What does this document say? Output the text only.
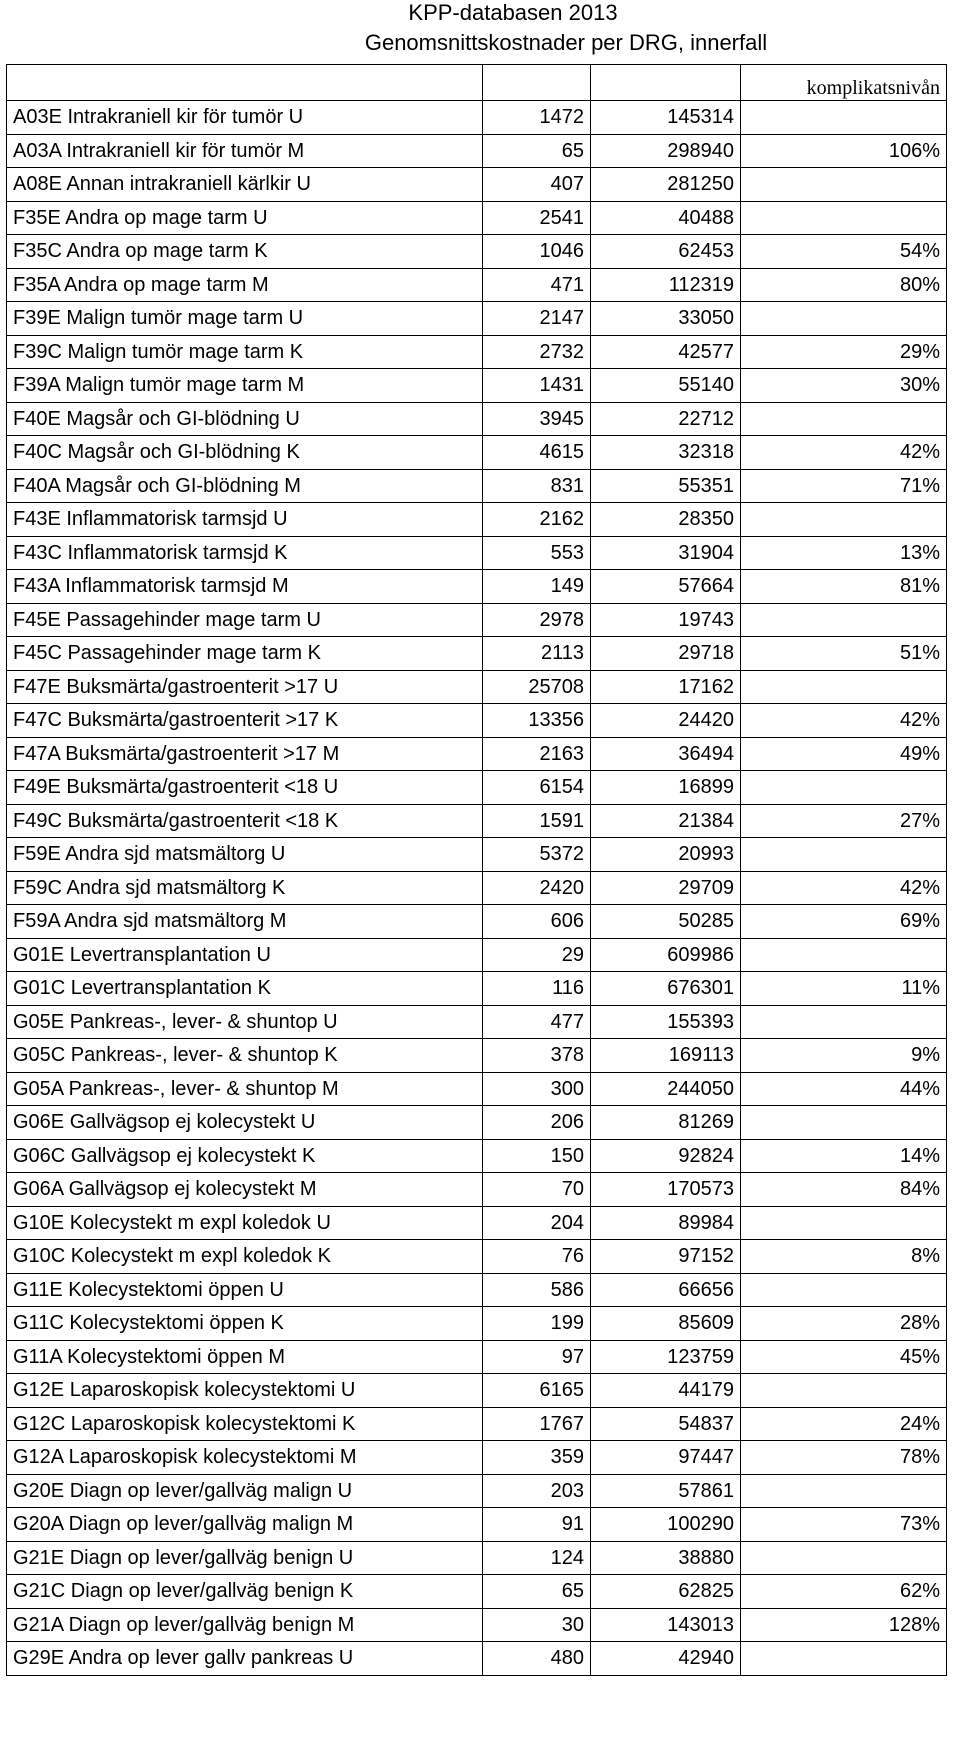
KPP-databasen 2013
Genomsnittskostnader per DRG, innerfall
			komplikatsnivån
A03E Intrakraniell kir för tumör U	1472	145314	
A03A Intrakraniell kir för tumör M	65	298940	106%
A08E Annan intrakraniell kärlkir U	407	281250	
F35E Andra op mage tarm U	2541	40488	
F35C Andra op mage tarm K	1046	62453	54%
F35A Andra op mage tarm M	471	112319	80%
F39E Malign tumör mage tarm U	2147	33050	
F39C Malign tumör mage tarm K	2732	42577	29%
F39A Malign tumör mage tarm M	1431	55140	30%
F40E Magsår och GI-blödning U	3945	22712	
F40C Magsår och GI-blödning K	4615	32318	42%
F40A Magsår och GI-blödning M	831	55351	71%
F43E Inflammatorisk tarmsjd U	2162	28350	
F43C Inflammatorisk tarmsjd K	553	31904	13%
F43A Inflammatorisk tarmsjd M	149	57664	81%
F45E Passagehinder mage tarm U	2978	19743	
F45C Passagehinder mage tarm K	2113	29718	51%
F47E Buksmärta/gastroenterit >17 U	25708	17162	
F47C Buksmärta/gastroenterit >17 K	13356	24420	42%
F47A Buksmärta/gastroenterit >17 M	2163	36494	49%
F49E Buksmärta/gastroenterit <18 U	6154	16899	
F49C Buksmärta/gastroenterit <18 K	1591	21384	27%
F59E Andra sjd matsmältorg U	5372	20993	
F59C Andra sjd matsmältorg K	2420	29709	42%
F59A Andra sjd matsmältorg M	606	50285	69%
G01E Levertransplantation U	29	609986	
G01C Levertransplantation K	116	676301	11%
G05E Pankreas-, lever- & shuntop U	477	155393	
G05C Pankreas-, lever- & shuntop K	378	169113	9%
G05A Pankreas-, lever- & shuntop M	300	244050	44%
G06E Gallvägsop ej kolecystekt U	206	81269	
G06C Gallvägsop ej kolecystekt K	150	92824	14%
G06A Gallvägsop ej kolecystekt M	70	170573	84%
G10E Kolecystekt m expl koledok U	204	89984	
G10C Kolecystekt m expl koledok K	76	97152	8%
G11E Kolecystektomi öppen U	586	66656	
G11C Kolecystektomi öppen K	199	85609	28%
G11A Kolecystektomi öppen M	97	123759	45%
G12E Laparoskopisk kolecystektomi U	6165	44179	
G12C Laparoskopisk kolecystektomi K	1767	54837	24%
G12A Laparoskopisk kolecystektomi M	359	97447	78%
G20E Diagn op lever/gallväg malign U	203	57861	
G20A Diagn op lever/gallväg malign M	91	100290	73%
G21E Diagn op lever/gallväg benign U	124	38880	
G21C Diagn op lever/gallväg benign K	65	62825	62%
G21A Diagn op lever/gallväg benign M	30	143013	128%
G29E Andra op lever gallv pankreas U	480	42940	
